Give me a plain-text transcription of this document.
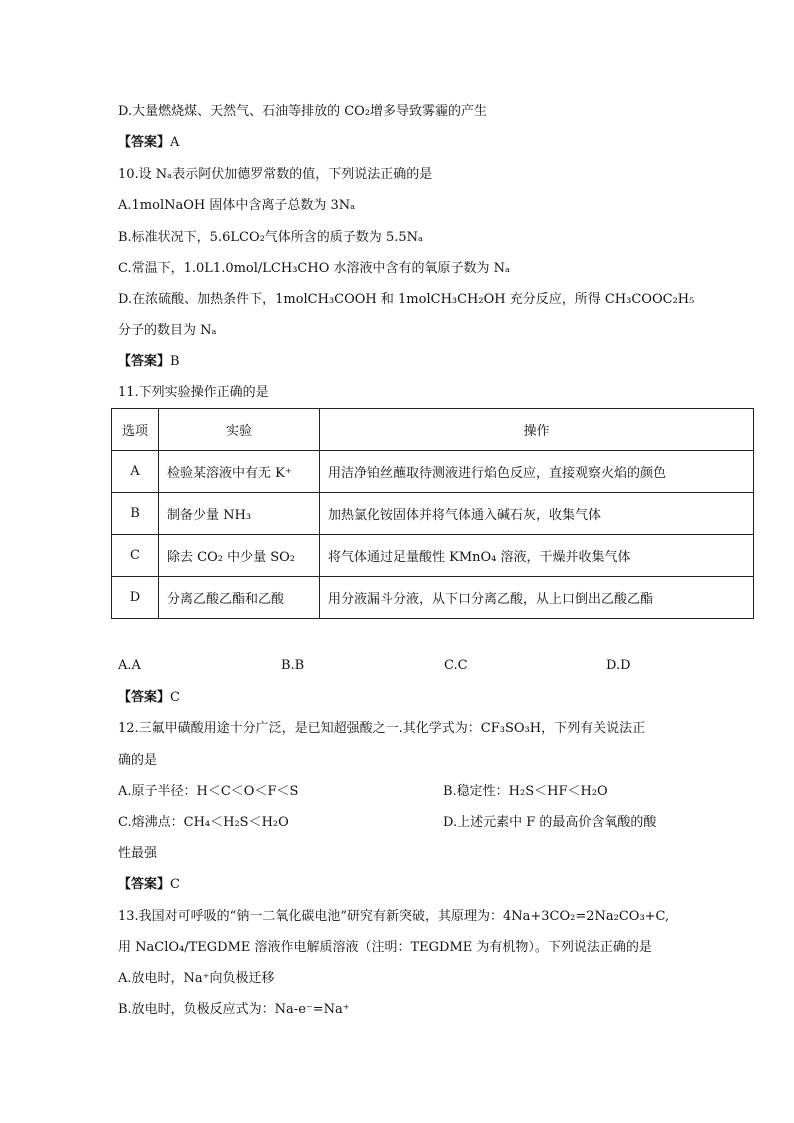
D.大量燃烧煤、天然气、石油等排放的 CO₂增多导致雾霾的产生
【答案】A
10.设 Nₐ表示阿伏加德罗常数的值，下列说法正确的是
A.1molNaOH 固体中含离子总数为 3Nₐ
B.标准状况下，5.6LCO₂气体所含的质子数为 5.5Nₐ
C.常温下，1.0L1.0mol/LCH₃CHO 水溶液中含有的氧原子数为 Nₐ
D.在浓硫酸、加热条件下，1molCH₃COOH 和 1molCH₃CH₂OH 充分反应，所得 CH₃COOC₂H₅
分子的数目为 Nₐ
【答案】B
11.下列实验操作正确的是
选项	实验	操作
A	检验某溶液中有无 K⁺	用洁净铂丝蘸取待测液进行焰色反应，直接观察火焰的颜色
B	制备少量 NH₃	加热氯化铵固体并将气体通入碱石灰，收集气体
C	除去 CO₂ 中少量 SO₂	将气体通过足量酸性 KMnO₄ 溶液，干燥并收集气体
D	分离乙酸乙酯和乙酸	用分液漏斗分液，从下口分离乙酸，从上口倒出乙酸乙酯
A.A	B.B	C.C	D.D
【答案】C
12.三氟甲磺酸用途十分广泛，是已知超强酸之一.其化学式为：CF₃SO₃H，下列有关说法正
确的是
A.原子半径：H＜C＜O＜F＜S	B.稳定性：H₂S＜HF＜H₂O
C.熔沸点：CH₄＜H₂S＜H₂O	D.上述元素中 F 的最高价含氧酸的酸
性最强
【答案】C
13.我国对可呼吸的“钠一二氧化碳电池”研究有新突破，其原理为：4Na+3CO₂=2Na₂CO₃+C,
用 NaClO₄/TEGDME 溶液作电解质溶液（注明：TEGDME 为有机物）。下列说法正确的是
A.放电时，Na⁺向负极迁移
B.放电时，负极反应式为：Na-e⁻=Na⁺
